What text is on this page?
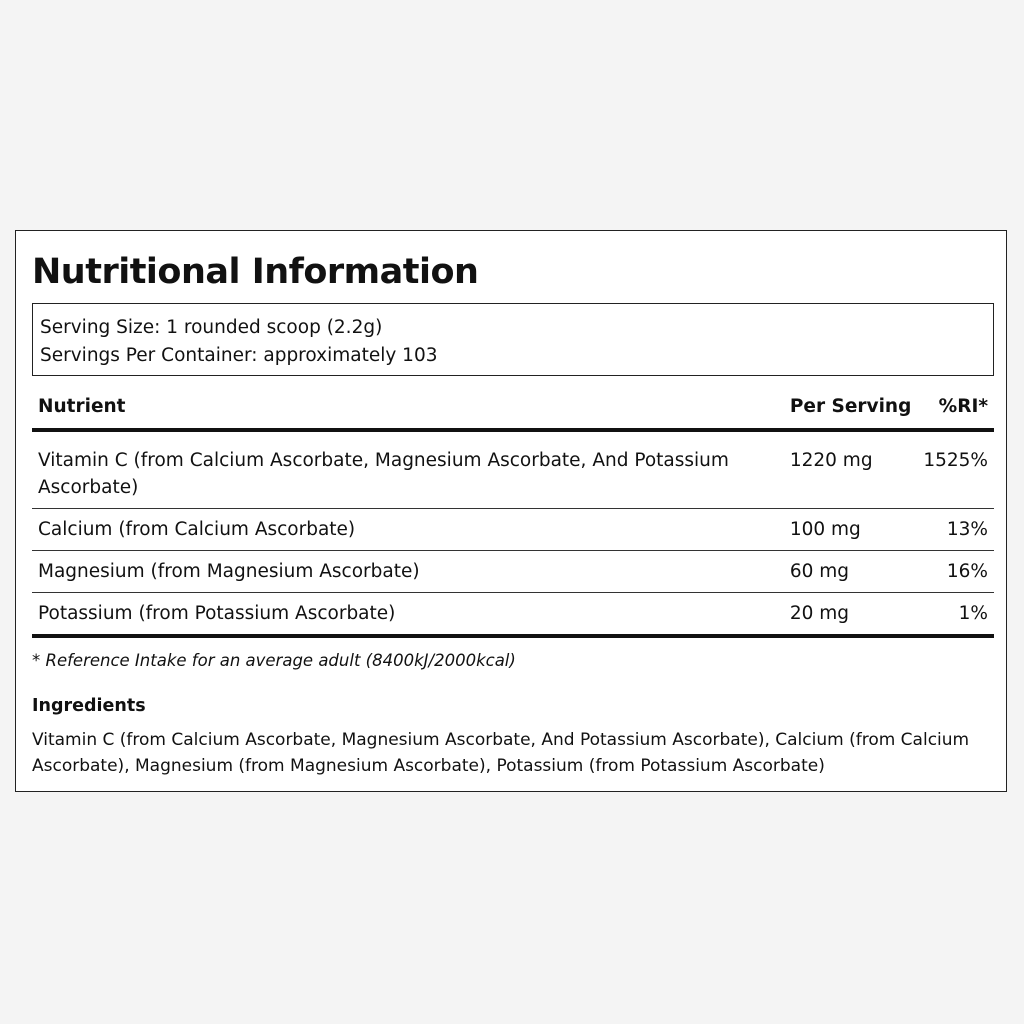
Nutritional Information
Serving Size: 1 rounded scoop (2.2g)
Servings Per Container: approximately 103
Nutrient	Per Serving	%RI*
Vitamin C (from Calcium Ascorbate, Magnesium Ascorbate, And Potassium Ascorbate)	1220 mg	1525%
Calcium (from Calcium Ascorbate)	100 mg	13%
Magnesium (from Magnesium Ascorbate)	60 mg	16%
Potassium (from Potassium Ascorbate)	20 mg	1%
* Reference Intake for an average adult (8400kJ/2000kcal)
Ingredients

Vitamin C (from Calcium Ascorbate, Magnesium Ascorbate, And Potassium Ascorbate), Calcium (from Calcium Ascorbate), Magnesium (from Magnesium Ascorbate), Potassium (from Potassium Ascorbate)
